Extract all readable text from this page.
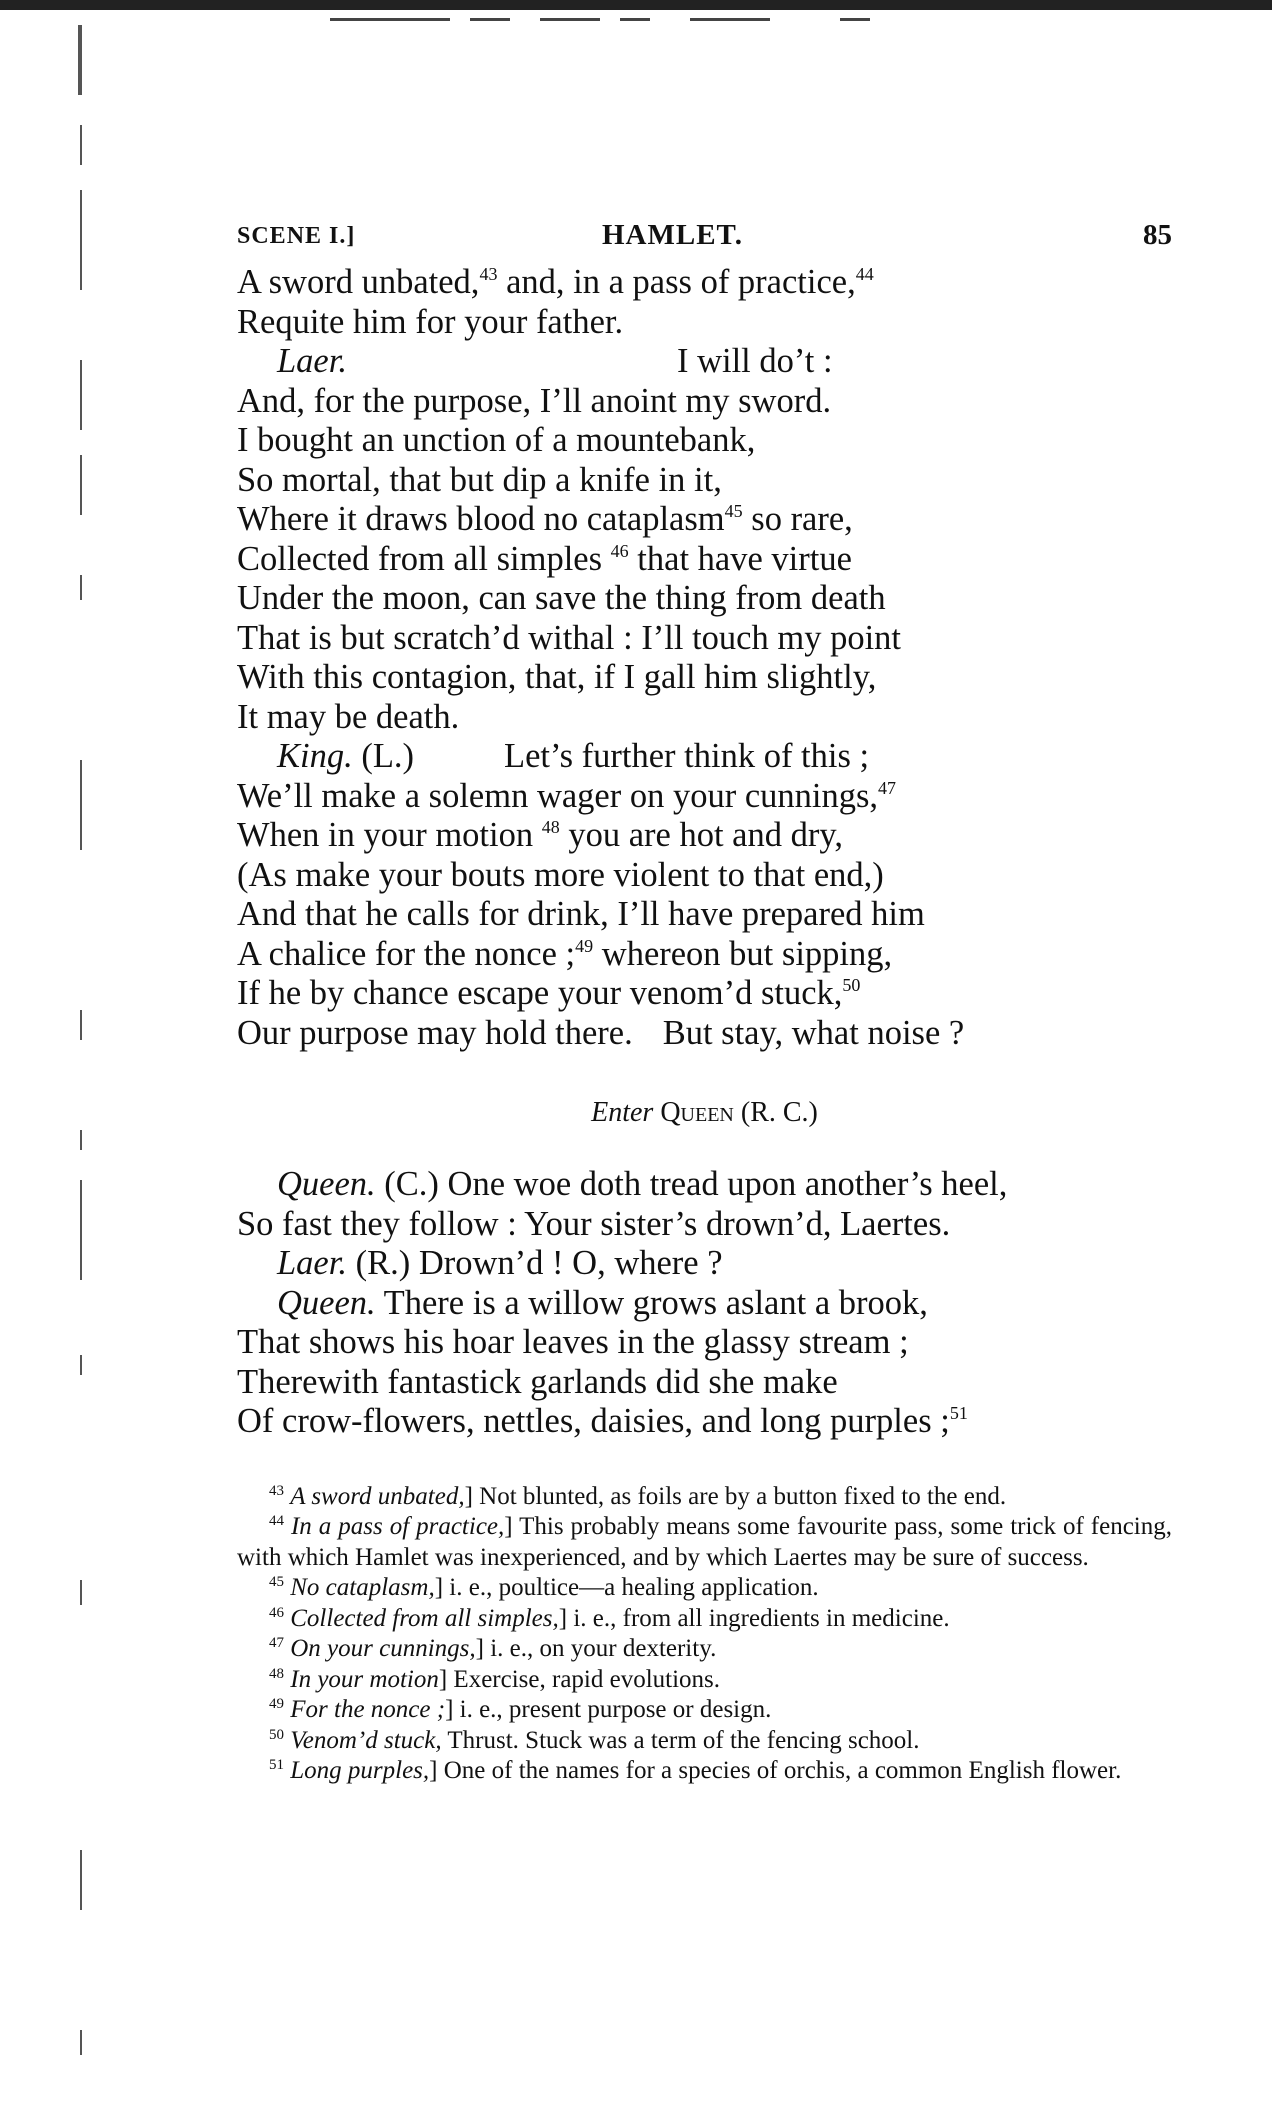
SCENE I.]	HAMLET.	85
A sword unbated,$^{43}$ and, in a pass of practice,$^{44}$
Requite him for your father.
Laer.	I will do’t :
And, for the purpose, I’ll anoint my sword.
I bought an unction of a mountebank,
So mortal, that but dip a knife in it,
Where it draws blood no cataplasm$^{45}$ so rare,
Collected from all simples $^{46}$ that have virtue
Under the moon, can save the thing from death
That is but scratch’d withal : I’ll touch my point
With this contagion, that, if I gall him slightly,
It may be death.
King. (L.)	Let’s further think of this ;
We’ll make a solemn wager on your cunnings,$^{47}$
When in your motion $^{48}$ you are hot and dry,
(As make your bouts more violent to that end,)
And that he calls for drink, I’ll have prepared him
A chalice for the nonce ;$^{49}$ whereon but sipping,
If he by chance escape your venom’d stuck,$^{50}$
Our purpose may hold there. But stay, what noise ?
Enter Queen (R. C.)
Queen. (C.) One woe doth tread upon another’s heel,
So fast they follow : Your sister’s drown’d, Laertes.
Laer. (R.) Drown’d ! O, where ?
Queen. There is a willow grows aslant a brook,
That shows his hoar leaves in the glassy stream ;
Therewith fantastick garlands did she make
Of crow-flowers, nettles, daisies, and long purples ;$^{51}$
$^{43}$ A sword unbated,] Not blunted, as foils are by a button fixed to the end.
$^{44}$ In a pass of practice,] This probably means some favourite pass, some trick of fencing, with which Hamlet was inexperienced, and by which Laertes may be sure of success.
$^{45}$ No cataplasm,] i. e., poultice—a healing application.
$^{46}$ Collected from all simples,] i. e., from all ingredients in medicine.
$^{47}$ On your cunnings,] i. e., on your dexterity.
$^{48}$ In your motion] Exercise, rapid evolutions.
$^{49}$ For the nonce ;] i. e., present purpose or design.
$^{50}$ Venom’d stuck, Thrust. Stuck was a term of the fencing school.
$^{51}$ Long purples,] One of the names for a species of orchis, a common English flower.
